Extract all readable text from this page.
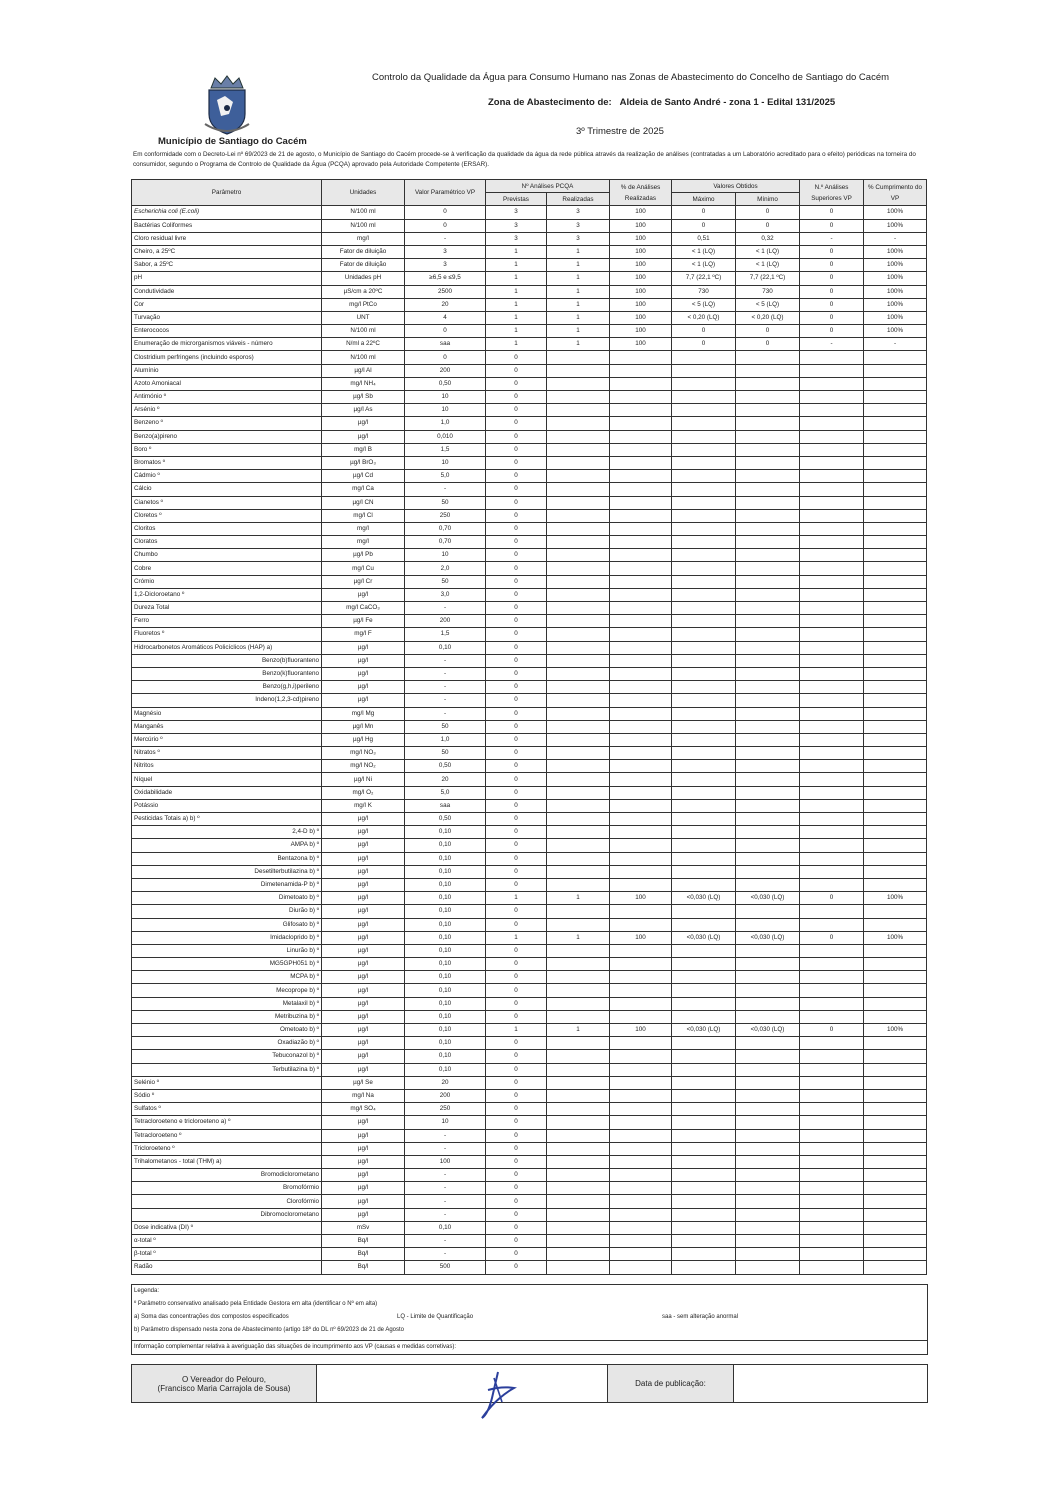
Controlo da Qualidade da Água para Consumo Humano nas Zonas de Abastecimento do Concelho de Santiago do Cacém
Zona de Abastecimento de: Aldeia de Santo André - zona 1 - Edital 131/2025
3º Trimestre de 2025
Município de Santiago do Cacém
Em conformidade com o Decreto-Lei nº 69/2023 de 21 de agosto, o Município de Santiago do Cacém procede-se à verificação da qualidade da água da rede pública através da realização de análises (contratadas a um Laboratório acreditado para o efeito) periódicas na torneira do consumidor, segundo o Programa de Controlo de Qualidade da Água (PCQA) aprovado pela Autoridade Competente (ERSAR).
Parâmetro	Unidades	Valor Paramétrico VP	Nº Análises PCQA		% de Análises Realizadas	Valores Obtidos		N.º Análises Superiores VP	% Cumprimento do VP
			Previstas	Realizadas		Máximo	Mínimo		
Escherichia coli (E.coli)	N/100 ml	0	3	3	100	0	0	0	100%
Bactérias Coliformes	N/100 ml	0	3	3	100	0	0	0	100%
Cloro residual livre	mg/l	-	3	3	100	0,51	0,32	-	-
Cheiro, a 25ºC	Fator de diluição	3	1	1	100	< 1 (LQ)	< 1 (LQ)	0	100%
Sabor, a 25ºC	Fator de diluição	3	1	1	100	< 1 (LQ)	< 1 (LQ)	0	100%
pH	Unidades pH	≥6,5 e ≤9,5	1	1	100	7,7 (22,1 ºC)	7,7 (22,1 ºC)	0	100%
Condutividade	µS/cm a 20ºC	2500	1	1	100	730	730	0	100%
Cor	mg/l PtCo	20	1	1	100	< 5 (LQ)	< 5 (LQ)	0	100%
Turvação	UNT	4	1	1	100	< 0,20 (LQ)	< 0,20 (LQ)	0	100%
Enterococos	N/100 ml	0	1	1	100	0	0	0	100%
Enumeração de microrganismos viáveis - número	N/ml a 22ºC	saa	1	1	100	0	0	-	-
Clostridium perfringens (incluindo esporos)	N/100 ml	0	0						
Alumínio	µg/l Al	200	0						
Azoto Amoniacal	mg/l NH₄	0,50	0						
Antimónio º	µg/l Sb	10	0						
Arsénio º	µg/l As	10	0						
Benzeno º	µg/l	1,0	0						
Benzo(a)pireno	µg/l	0,010	0						
Boro º	mg/l B	1,5	0						
Bromatos º	µg/l BrO₃	10	0						
Cádmio º	µg/l Cd	5,0	0						
Cálcio	mg/l Ca	-	0						
Cianetos º	µg/l CN	50	0						
Cloretos º	mg/l Cl	250	0						
Cloritos	mg/l	0,70	0						
Cloratos	mg/l	0,70	0						
Chumbo	µg/l Pb	10	0						
Cobre	mg/l Cu	2,0	0						
Crómio	µg/l Cr	50	0						
1,2-Dicloroetano º	µg/l	3,0	0						
Dureza Total	mg/l CaCO₃	-	0						
Ferro	µg/l Fe	200	0						
Fluoretos º	mg/l F	1,5	0						
Hidrocarbonetos Aromáticos Policíclicos (HAP) a)	µg/l	0,10	0						
Benzo(b)fluoranteno	µg/l	-	0						
Benzo(k)fluoranteno	µg/l	-	0						
Benzo(g,h,i)perileno	µg/l	-	0						
Indeno(1,2,3-cd)pireno	µg/l	-	0						
Magnésio	mg/l Mg	-	0						
Manganês	µg/l Mn	50	0						
Mercúrio º	µg/l Hg	1,0	0						
Nitratos º	mg/l NO₃	50	0						
Nitritos	mg/l NO₂	0,50	0						
Níquel	µg/l Ni	20	0						
Oxidabilidade	mg/l O₂	5,0	0						
Potássio	mg/l K	saa	0						
Pesticidas Totais a) b) º	µg/l	0,50	0						
2,4-D b) º	µg/l	0,10	0						
AMPA b) º	µg/l	0,10	0						
Bentazona b) º	µg/l	0,10	0						
Desetilterbutilazina b) º	µg/l	0,10	0						
Dimetenamida-P b) º	µg/l	0,10	0						
Dimetoato b) º	µg/l	0,10	1	1	100	<0,030 (LQ)	<0,030 (LQ)	0	100%
Diurão b) º	µg/l	0,10	0						
Glifosato b) º	µg/l	0,10	0						
Imidacloprido b) º	µg/l	0,10	1	1	100	<0,030 (LQ)	<0,030 (LQ)	0	100%
Linurão b) º	µg/l	0,10	0						
MG5GPH051 b) º	µg/l	0,10	0						
MCPA b) º	µg/l	0,10	0						
Mecoprope b) º	µg/l	0,10	0						
Metalaxil b) º	µg/l	0,10	0						
Metribuzina b) º	µg/l	0,10	0						
Ometoato b) º	µg/l	0,10	1	1	100	<0,030 (LQ)	<0,030 (LQ)	0	100%
Oxadiazão b) º	µg/l	0,10	0						
Tebuconazol b) º	µg/l	0,10	0						
Terbutilazina b) º	µg/l	0,10	0						
Selénio º	µg/l Se	20	0						
Sódio º	mg/l Na	200	0						
Sulfatos º	mg/l SO₄	250	0						
Tetracloroeteno e tricloroeteno a) º	µg/l	10	0						
Tetracloroeteno º	µg/l	-	0						
Tricloroeteno º	µg/l	-	0						
Trihalometanos - total (THM) a)	µg/l	100	0						
Bromodiclorometano	µg/l	-	0						
Bromofórmio	µg/l	-	0						
Clorofórmio	µg/l	-	0						
Dibromoclorometano	µg/l	-	0						
Dose indicativa (DI) º	mSv	0,10	0						
α-total º	Bq/l	-	0						
β-total º	Bq/l	-	0						
Radão	Bq/l	500	0						
Legenda:
º Parâmetro conservativo analisado pela Entidade Gestora em alta (identificar o Nº em alta)
a) Soma das concentrações dos compostos especificados	LQ - Limite de Quantificação	saa - sem alteração anormal
b) Parâmetro dispensado nesta zona de Abastecimento (artigo 18º do DL nº 69/2023 de 21 de Agosto
Informação complementar relativa à averiguação das situações de incumprimento aos VP (causas e medidas corretivas):
O Vereador do Pelouro,
(Francisco Maria Carrajola de Sousa)	Data de publicação:
